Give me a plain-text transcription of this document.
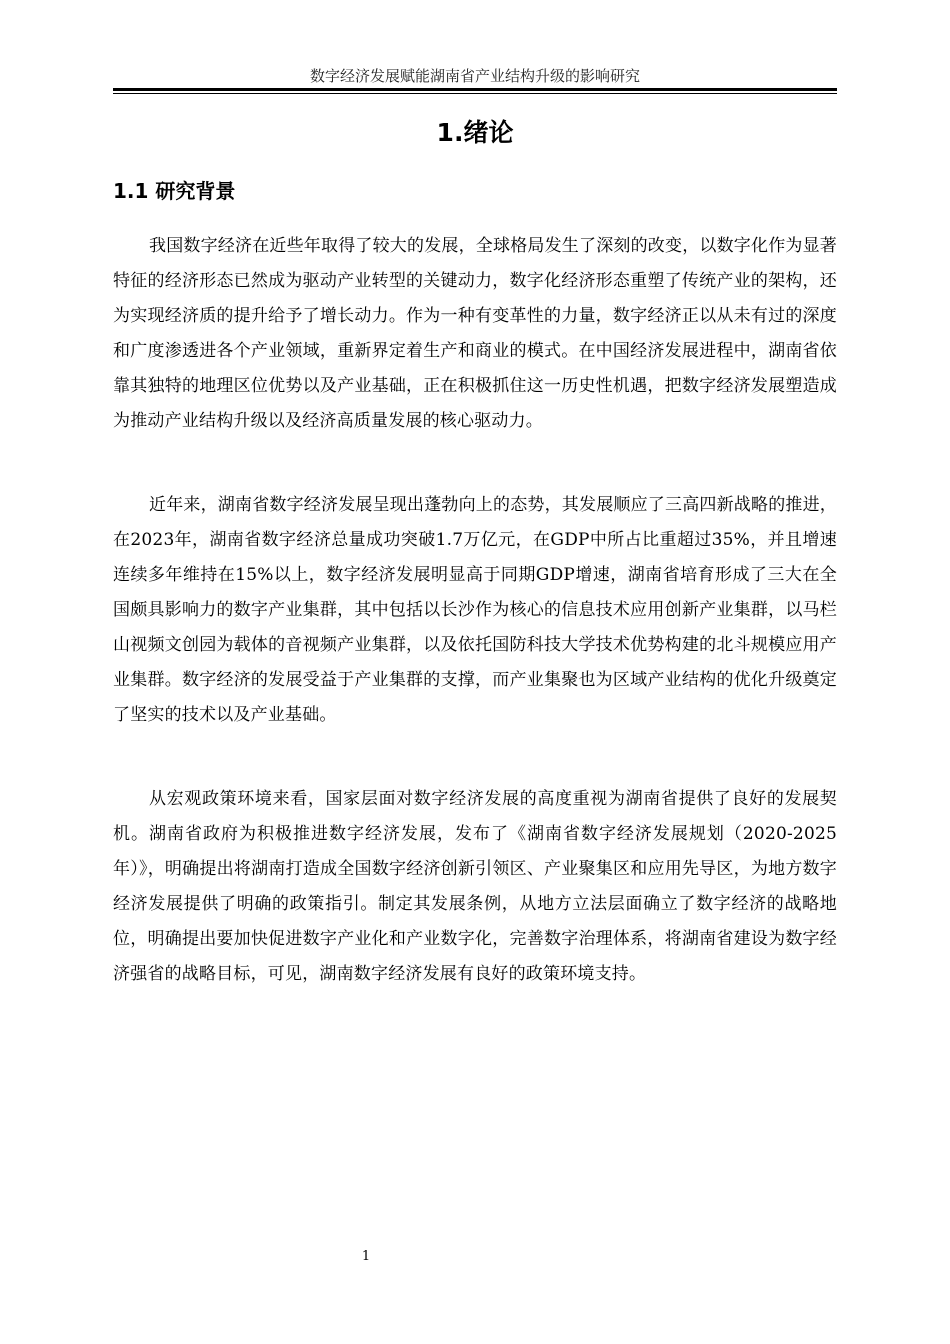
数字经济发展赋能湖南省产业结构升级的影响研究
1.绪论
1.1 研究背景

我国数字经济在近些年取得了较大的发展，全球格局发生了深刻的改变，以数字化作为显著特征的经济形态已然成为驱动产业转型的关键动力，数字化经济形态重塑了传统产业的架构，还为实现经济质的提升给予了增长动力。作为一种有变革性的力量，数字经济正以从未有过的深度和广度渗透进各个产业领域，重新界定着生产和商业的模式。在中国经济发展进程中，湖南省依靠其独特的地理区位优势以及产业基础，正在积极抓住这一历史性机遇，把数字经济发展塑造成为推动产业结构升级以及经济高质量发展的核心驱动力。

近年来，湖南省数字经济发展呈现出蓬勃向上的态势，其发展顺应了三高四新战略的推进，在2023年，湖南省数字经济总量成功突破1.7万亿元，在GDP中所占比重超过35%，并且增速连续多年维持在15%以上，数字经济发展明显高于同期GDP增速，湖南省培育形成了三大在全国颇具影响力的数字产业集群，其中包括以长沙作为核心的信息技术应用创新产业集群，以马栏山视频文创园为载体的音视频产业集群，以及依托国防科技大学技术优势构建的北斗规模应用产业集群。数字经济的发展受益于产业集群的支撑，而产业集聚也为区域产业结构的优化升级奠定了坚实的技术以及产业基础。

从宏观政策环境来看，国家层面对数字经济发展的高度重视为湖南省提供了良好的发展契机。湖南省政府为积极推进数字经济发展，发布了《湖南省数字经济发展规划（2020-2025年）》，明确提出将湖南打造成全国数字经济创新引领区、产业聚集区和应用先导区，为地方数字经济发展提供了明确的政策指引。制定其发展条例，从地方立法层面确立了数字经济的战略地位，明确提出要加快促进数字产业化和产业数字化，完善数字治理体系，将湖南省建设为数字经济强省的战略目标，可见，湖南数字经济发展有良好的政策环境支持。

1
